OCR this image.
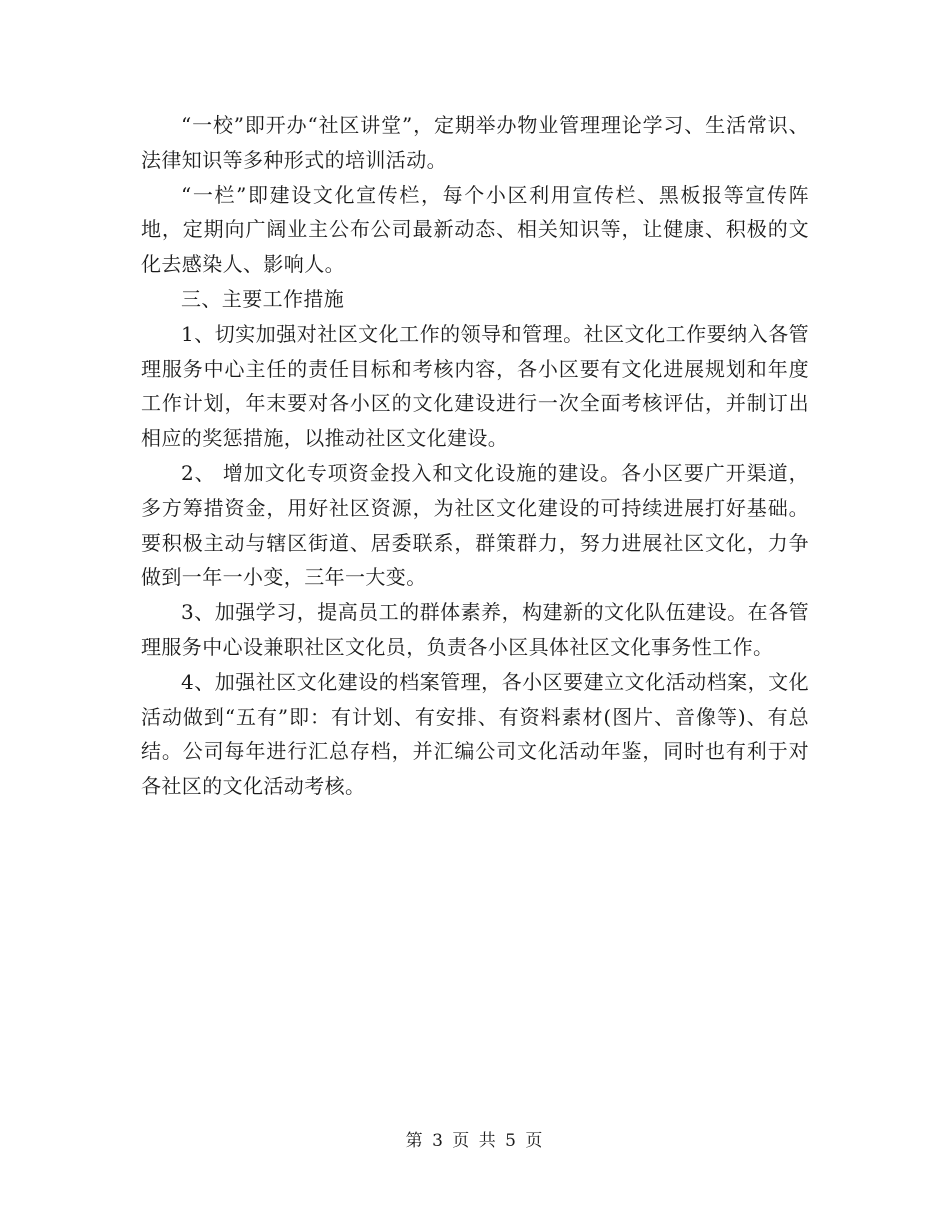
“一校”即开办“社区讲堂”，定期举办物业管理理论学习、生活常识、法律知识等多种形式的培训活动。

“一栏”即建设文化宣传栏，每个小区利用宣传栏、黑板报等宣传阵地，定期向广阔业主公布公司最新动态、相关知识等，让健康、积极的文化去感染人、影响人。

三、主要工作措施

1、切实加强对社区文化工作的领导和管理。社区文化工作要纳入各管理服务中心主任的责任目标和考核内容，各小区要有文化进展规划和年度工作计划，年末要对各小区的文化建设进行一次全面考核评估，并制订出相应的奖惩措施，以推动社区文化建设。

2、 增加文化专项资金投入和文化设施的建设。各小区要广开渠道，多方筹措资金，用好社区资源，为社区文化建设的可持续进展打好基础。要积极主动与辖区街道、居委联系，群策群力，努力进展社区文化，力争做到一年一小变，三年一大变。

3、加强学习，提高员工的群体素养，构建新的文化队伍建设。在各管理服务中心设兼职社区文化员，负责各小区具体社区文化事务性工作。

4、加强社区文化建设的档案管理，各小区要建立文化活动档案，文化活动做到“五有”即：有计划、有安排、有资料素材(图片、音像等)、有总结。公司每年进行汇总存档，并汇编公司文化活动年鉴，同时也有利于对各社区的文化活动考核。

第 3 页 共 5 页
